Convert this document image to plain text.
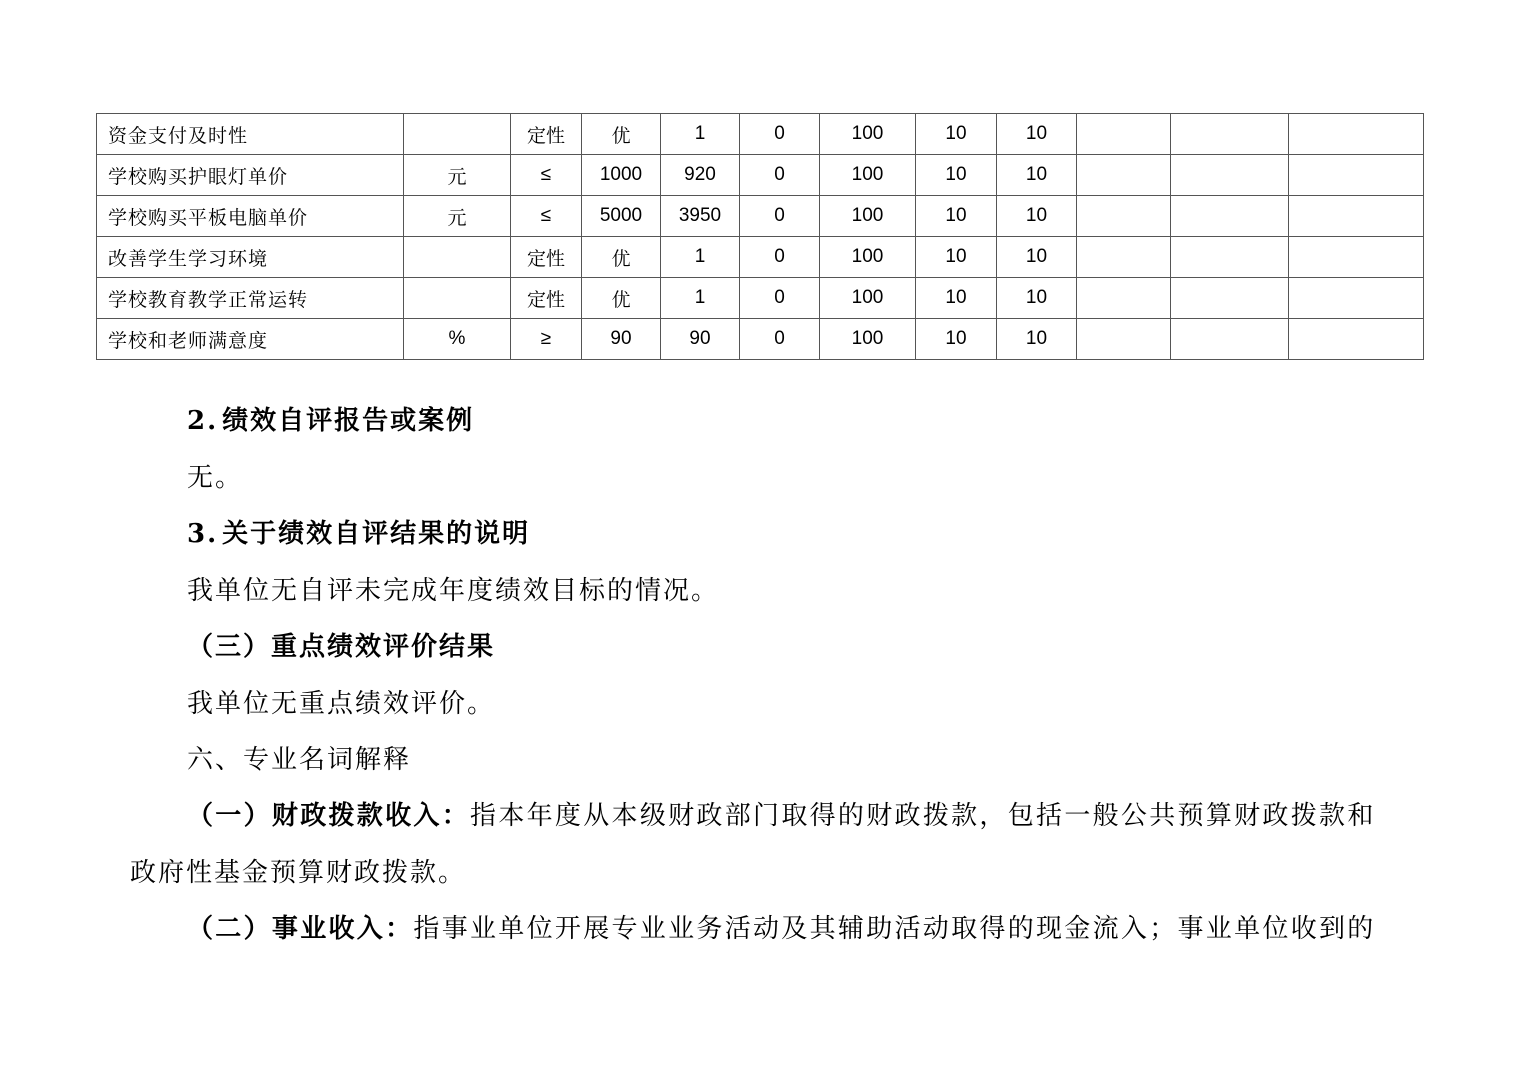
资金支付及时性		定性	优	1	0	100	10	10			
学校购买护眼灯单价	元	≤	1000	920	0	100	10	10			
学校购买平板电脑单价	元	≤	5000	3950	0	100	10	10			
改善学生学习环境		定性	优	1	0	100	10	10			
学校教育教学正常运转		定性	优	1	0	100	10	10			
学校和老师满意度	%	≥	90	90	0	100	10	10			
2. 绩效自评报告或案例
无。
3. 关于绩效自评结果的说明
我单位无自评未完成年度绩效目标的情况。
（三）重点绩效评价结果
我单位无重点绩效评价。
六、专业名词解释
（一）财政拨款收入：指本年度从本级财政部门取得的财政拨款，包括一般公共预算财政拨款和
政府性基金预算财政拨款。
（二）事业收入：指事业单位开展专业业务活动及其辅助活动取得的现金流入；事业单位收到的
